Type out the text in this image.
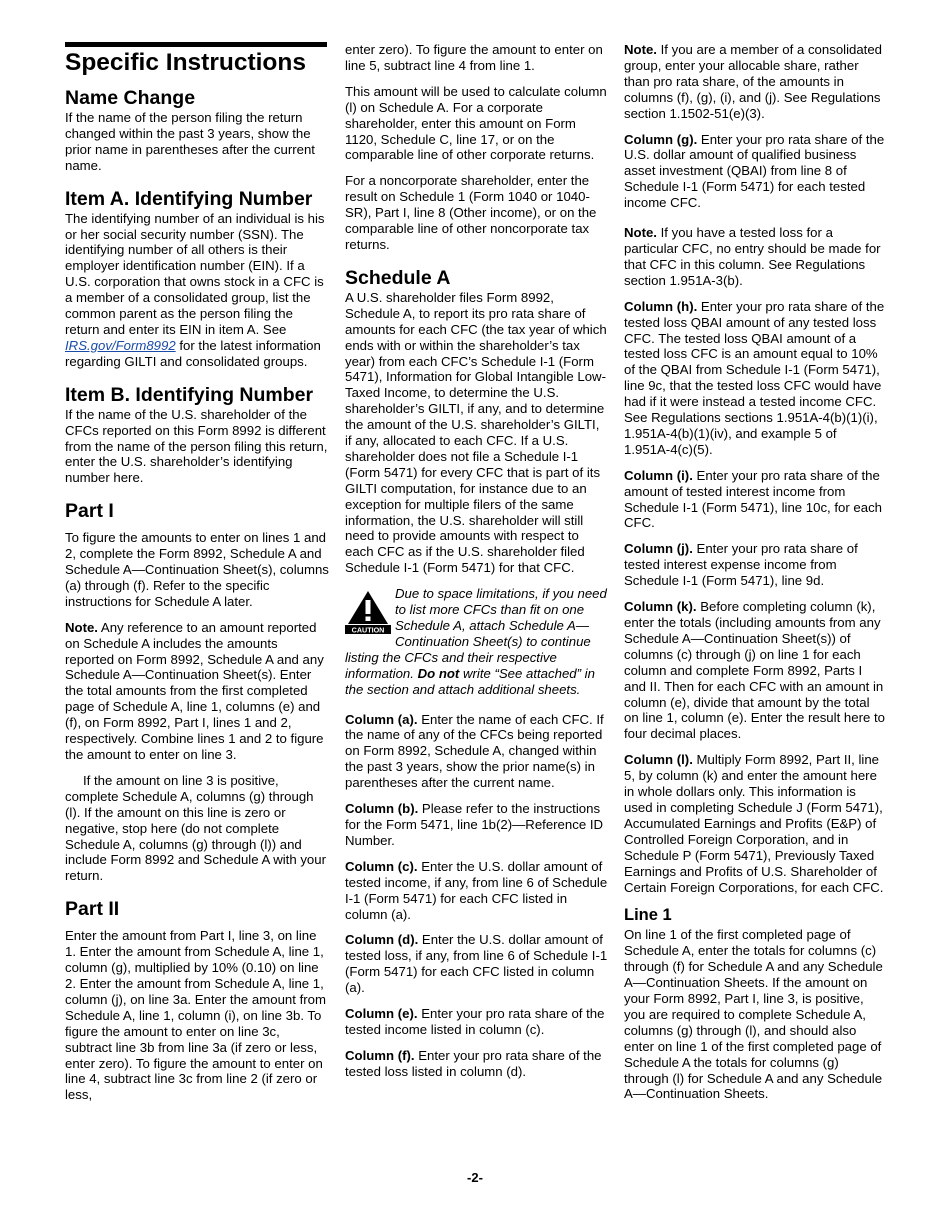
Specific Instructions
Name Change

If the name of the person filing the return changed within the past 3 years, show the prior name in parentheses after the current name.

Item A. Identifying Number

The identifying number of an individual is his or her social security number (SSN). The identifying number of all others is their employer identification number (EIN). If a U.S. corporation that owns stock in a CFC is a member of a consolidated group, list the common parent as the person filing the return and enter its EIN in item A. See IRS.gov/Form8992 for the latest information regarding GILTI and consolidated groups.

Item B. Identifying Number

If the name of the U.S. shareholder of the CFCs reported on this Form 8992 is different from the name of the person filing this return, enter the U.S. shareholder’s identifying number here.

Part I

To figure the amounts to enter on lines 1 and 2, complete the Form 8992, Schedule A and Schedule A—Continuation Sheet(s), columns (a) through (f). Refer to the specific instructions for Schedule A later.

Note. Any reference to an amount reported on Schedule A includes the amounts reported on Form 8992, Schedule A and any Schedule A—Continuation Sheet(s). Enter the total amounts from the first completed page of Schedule A, line 1, columns (e) and (f), on Form 8992, Part I, lines 1 and 2, respectively. Combine lines 1 and 2 to figure the amount to enter on line 3.

If the amount on line 3 is positive, complete Schedule A, columns (g) through (l). If the amount on this line is zero or negative, stop here (do not complete Schedule A, columns (g) through (l)) and include Form 8992 and Schedule A with your return.

Part II

Enter the amount from Part I, line 3, on line 1. Enter the amount from Schedule A, line 1, column (g), multiplied by 10% (0.10) on line 2. Enter the amount from Schedule A, line 1, column (j), on line 3a. Enter the amount from Schedule A, line 1, column (i), on line 3b. To figure the amount to enter on line 3c, subtract line 3b from line 3a (if zero or less, enter zero). To figure the amount to enter on line 4, subtract line 3c from line 2 (if zero or less,

enter zero). To figure the amount to enter on line 5, subtract line 4 from line 1.

This amount will be used to calculate column (l) on Schedule A. For a corporate shareholder, enter this amount on Form 1120, Schedule C, line 17, or on the comparable line of other corporate returns.

For a noncorporate shareholder, enter the result on Schedule 1 (Form 1040 or 1040-SR), Part I, line 8 (Other income), or on the comparable line of other noncorporate tax returns.

Schedule A

A U.S. shareholder files Form 8992, Schedule A, to report its pro rata share of amounts for each CFC (the tax year of which ends with or within the shareholder’s tax year) from each CFC’s Schedule I-1 (Form 5471), Information for Global Intangible Low-Taxed Income, to determine the U.S. shareholder’s GILTI, if any, and to determine the amount of the U.S. shareholder’s GILTI, if any, allocated to each CFC. If a U.S. shareholder does not file a Schedule I-1 (Form 5471) for every CFC that is part of its GILTI computation, for instance due to an exception for multiple filers of the same information, the U.S. shareholder will still need to provide amounts with respect to each CFC as if the U.S. shareholder filed Schedule I-1 (Form 5471) for that CFC.

CAUTION

Due to space limitations, if you need to list more CFCs than fit on one Schedule A, attach Schedule A—Continuation Sheet(s) to continue listing the CFCs and their respective information. Do not write “See attached” in the section and attach additional sheets.

Column (a). Enter the name of each CFC. If the name of any of the CFCs being reported on Form 8992, Schedule A, changed within the past 3 years, show the prior name(s) in parentheses after the current name.

Column (b). Please refer to the instructions for the Form 5471, line 1b(2)—Reference ID Number.

Column (c). Enter the U.S. dollar amount of tested income, if any, from line 6 of Schedule I-1 (Form 5471) for each CFC listed in column (a).

Column (d). Enter the U.S. dollar amount of tested loss, if any, from line 6 of Schedule I-1 (Form 5471) for each CFC listed in column (a).

Column (e). Enter your pro rata share of the tested income listed in column (c).

Column (f). Enter your pro rata share of the tested loss listed in column (d).

Note. If you are a member of a consolidated group, enter your allocable share, rather than pro rata share, of the amounts in columns (f), (g), (i), and (j). See Regulations section 1.1502-51(e)(3).

Column (g). Enter your pro rata share of the U.S. dollar amount of qualified business asset investment (QBAI) from line 8 of Schedule I-1 (Form 5471) for each tested income CFC.

Note. If you have a tested loss for a particular CFC, no entry should be made for that CFC in this column. See Regulations section 1.951A-3(b).

Column (h). Enter your pro rata share of the tested loss QBAI amount of any tested loss CFC. The tested loss QBAI amount of a tested loss CFC is an amount equal to 10% of the QBAI from Schedule I-1 (Form 5471), line 9c, that the tested loss CFC would have had if it were instead a tested income CFC. See Regulations sections 1.951A-4(b)(1)(i), 1.951A-4(b)(1)(iv), and example 5 of 1.951A-4(c)(5).

Column (i). Enter your pro rata share of the amount of tested interest income from Schedule I-1 (Form 5471), line 10c, for each CFC.

Column (j). Enter your pro rata share of tested interest expense income from Schedule I-1 (Form 5471), line 9d.

Column (k). Before completing column (k), enter the totals (including amounts from any Schedule A—Continuation Sheet(s)) of columns (c) through (j) on line 1 for each column and complete Form 8992, Parts I and II. Then for each CFC with an amount in column (e), divide that amount by the total on line 1, column (e). Enter the result here to four decimal places.

Column (l). Multiply Form 8992, Part II, line 5, by column (k) and enter the amount here in whole dollars only. This information is used in completing Schedule J (Form 5471), Accumulated Earnings and Profits (E&P) of Controlled Foreign Corporation, and in Schedule P (Form 5471), Previously Taxed Earnings and Profits of U.S. Shareholder of Certain Foreign Corporations, for each CFC.

Line 1

On line 1 of the first completed page of Schedule A, enter the totals for columns (c) through (f) for Schedule A and any Schedule A—Continuation Sheets. If the amount on your Form 8992, Part I, line 3, is positive, you are required to complete Schedule A, columns (g) through (l), and should also enter on line 1 of the first completed page of Schedule A the totals for columns (g) through (l) for Schedule A and any Schedule A—Continuation Sheets.

-2-
